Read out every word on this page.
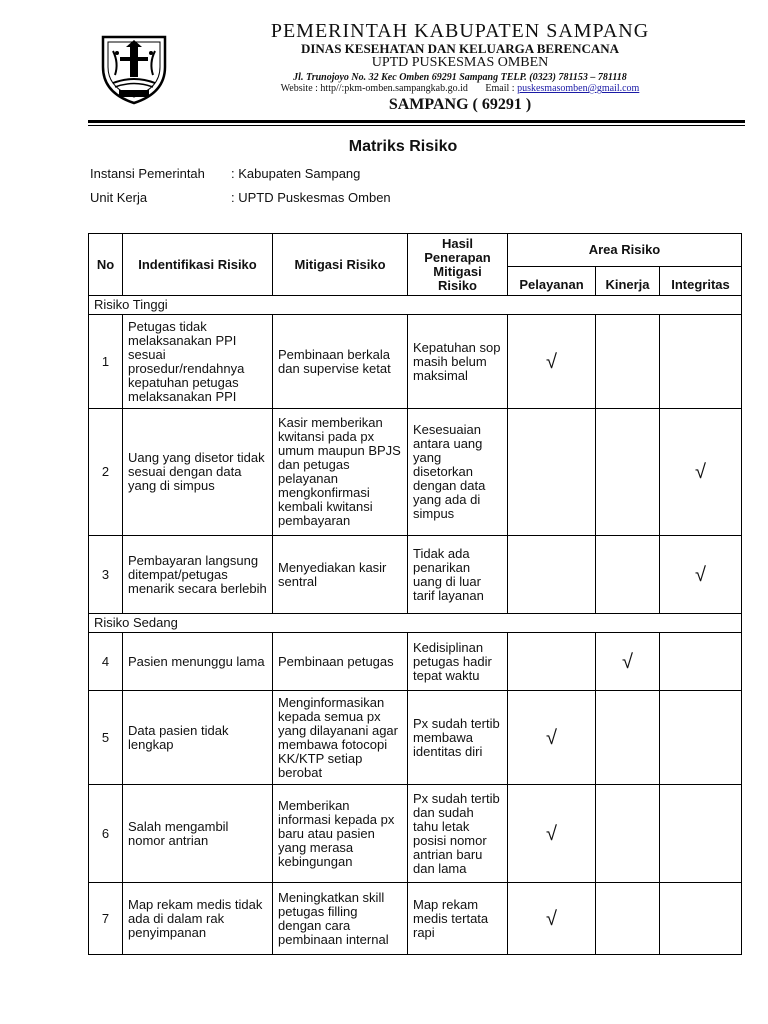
PEMERINTAH KABUPATEN SAMPANG
DINAS KESEHATAN DAN KELUARGA BERENCANA
UPTD PUSKESMAS OMBEN
Jl. Trunojoyo No. 32 Kec Omben 69291 Sampang TELP. (0323) 781153 – 781118
Website : http//:pkm-omben.sampangkab.go.id Email : puskesmasomben@gmail.com
SAMPANG ( 69291 )
Matriks Risiko
Instansi Pemerintah : Kabupaten Sampang
Unit Kerja	: UPTD Puskesmas Omben
No	Indentifikasi Risiko	Mitigasi Risiko	Hasil Penerapan Mitigasi Risiko	Area Risiko		
				Pelayanan	Kinerja	Integritas
Risiko Tinggi						
1	Petugas tidak melaksanakan PPI sesuai prosedur/rendahnya kepatuhan petugas melaksanakan PPI	Pembinaan berkala dan supervise ketat	Kepatuhan sop masih belum maksimal	√		
2	Uang yang disetor tidak sesuai dengan data yang di simpus	Kasir memberikan kwitansi pada px umum maupun BPJS dan petugas pelayanan mengkonfirmasi kembali kwitansi pembayaran	Kesesuaian antara uang yang disetorkan dengan data yang ada di simpus			√
3	Pembayaran langsung ditempat/petugas menarik secara berlebih	Menyediakan kasir sentral	Tidak ada penarikan uang di luar tarif layanan			√
Risiko Sedang						
4	Pasien menunggu lama	Pembinaan petugas	Kedisiplinan petugas hadir tepat waktu		√	
5	Data pasien tidak lengkap	Menginformasikan kepada semua px yang dilayanani agar membawa fotocopi KK/KTP setiap berobat	Px sudah tertib membawa identitas diri	√		
6	Salah mengambil nomor antrian	Memberikan informasi kepada px baru atau pasien yang merasa kebingungan	Px sudah tertib dan sudah tahu letak posisi nomor antrian baru dan lama	√		
7	Map rekam medis tidak ada di dalam rak penyimpanan	Meningkatkan skill petugas filling dengan cara pembinaan internal	Map rekam medis tertata rapi	√		
